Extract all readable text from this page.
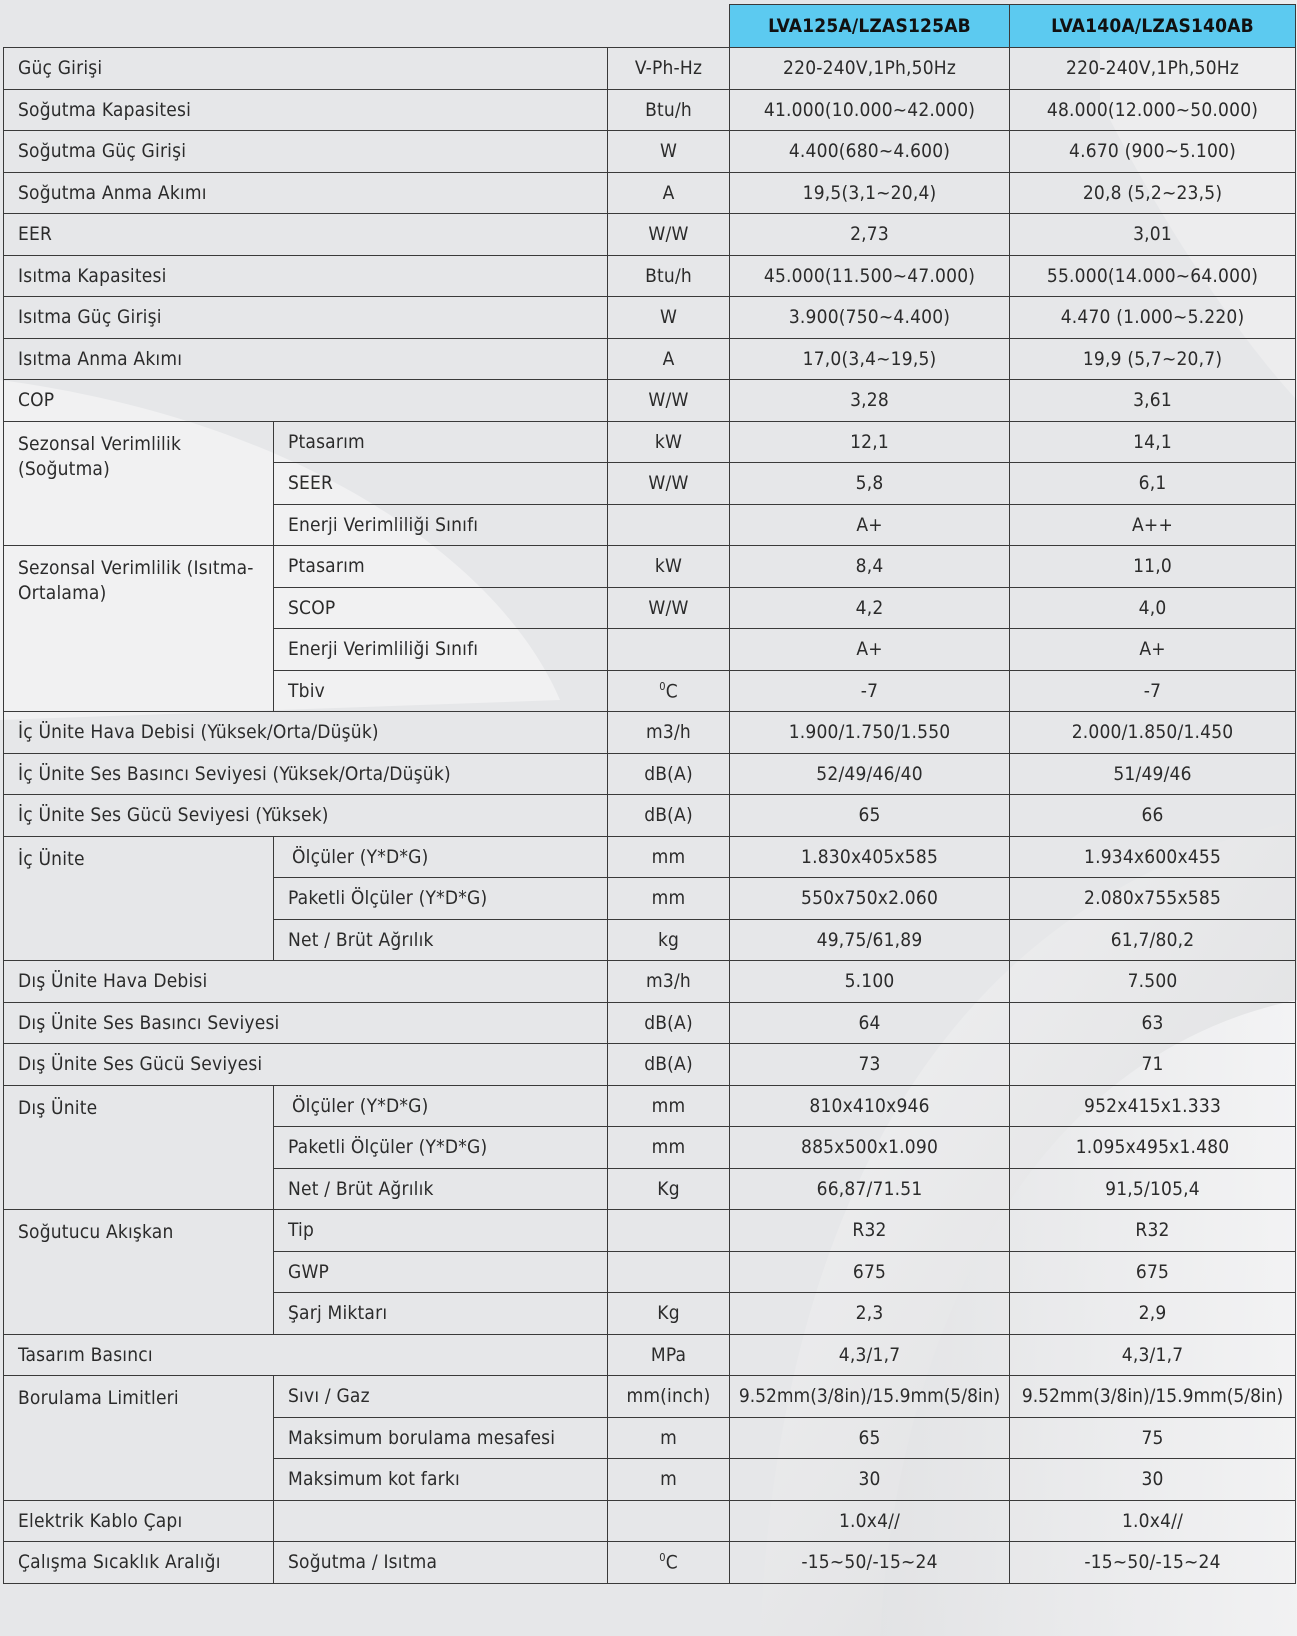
			LVA125A/LZAS125AB	LVA140A/LZAS140AB
Güç Girişi		V-Ph-Hz	220-240V,1Ph,50Hz	220-240V,1Ph,50Hz
Soğutma Kapasitesi		Btu/h	41.000(10.000~42.000)	48.000(12.000~50.000)
Soğutma Güç Girişi		W	4.400(680~4.600)	4.670 (900~5.100)
Soğutma Anma Akımı		A	19,5(3,1~20,4)	20,8 (5,2~23,5)
EER		W/W	2,73	3,01
Isıtma Kapasitesi		Btu/h	45.000(11.500~47.000)	55.000(14.000~64.000)
Isıtma Güç Girişi		W	3.900(750~4.400)	4.470 (1.000~5.220)
Isıtma Anma Akımı		A	17,0(3,4~19,5)	19,9 (5,7~20,7)
COP		W/W	3,28	3,61
Sezonsal Verimlilik (Soğutma)	Ptasarım	kW	12,1	14,1
	SEER	W/W	5,8	6,1
	Enerji Verimliliği Sınıfı		A+	A++
Sezonsal Verimlilik (Isıtma-Ortalama)	Ptasarım	kW	8,4	11,0
	SCOP	W/W	4,2	4,0
	Enerji Verimliliği Sınıfı		A+	A+
	Tbiv	$^0$C	-7	-7
İç Ünite Hava Debisi (Yüksek/Orta/Düşük)		m3/h	1.900/1.750/1.550	2.000/1.850/1.450
İç Ünite Ses Basıncı Seviyesi (Yüksek/Orta/Düşük)		dB(A)	52/49/46/40	51/49/46
İç Ünite Ses Gücü Seviyesi (Yüksek)		dB(A)	65	66
İç Ünite	Ölçüler (Y*D*G)	mm	1.830x405x585	1.934x600x455
	Paketli Ölçüler (Y*D*G)	mm	550x750x2.060	2.080x755x585
	Net / Brüt Ağrılık	kg	49,75/61,89	61,7/80,2
Dış Ünite Hava Debisi		m3/h	5.100	7.500
Dış Ünite Ses Basıncı Seviyesi		dB(A)	64	63
Dış Ünite Ses Gücü Seviyesi		dB(A)	73	71
Dış Ünite	Ölçüler (Y*D*G)	mm	810x410x946	952x415x1.333
	Paketli Ölçüler (Y*D*G)	mm	885x500x1.090	1.095x495x1.480
	Net / Brüt Ağrılık	Kg	66,87/71.51	91,5/105,4
Soğutucu Akışkan	Tip		R32	R32
	GWP		675	675
	Şarj Miktarı	Kg	2,3	2,9
Tasarım Basıncı		MPa	4,3/1,7	4,3/1,7
Borulama Limitleri	Sıvı / Gaz	mm(inch)	9.52mm(3/8in)/15.9mm(5/8in)	9.52mm(3/8in)/15.9mm(5/8in)
	Maksimum borulama mesafesi	m	65	75
	Maksimum kot farkı	m	30	30
Elektrik Kablo Çapı			1.0x4//	1.0x4//
Çalışma Sıcaklık Aralığı	Soğutma / Isıtma	$^0$C	-15~50/-15~24	-15~50/-15~24
